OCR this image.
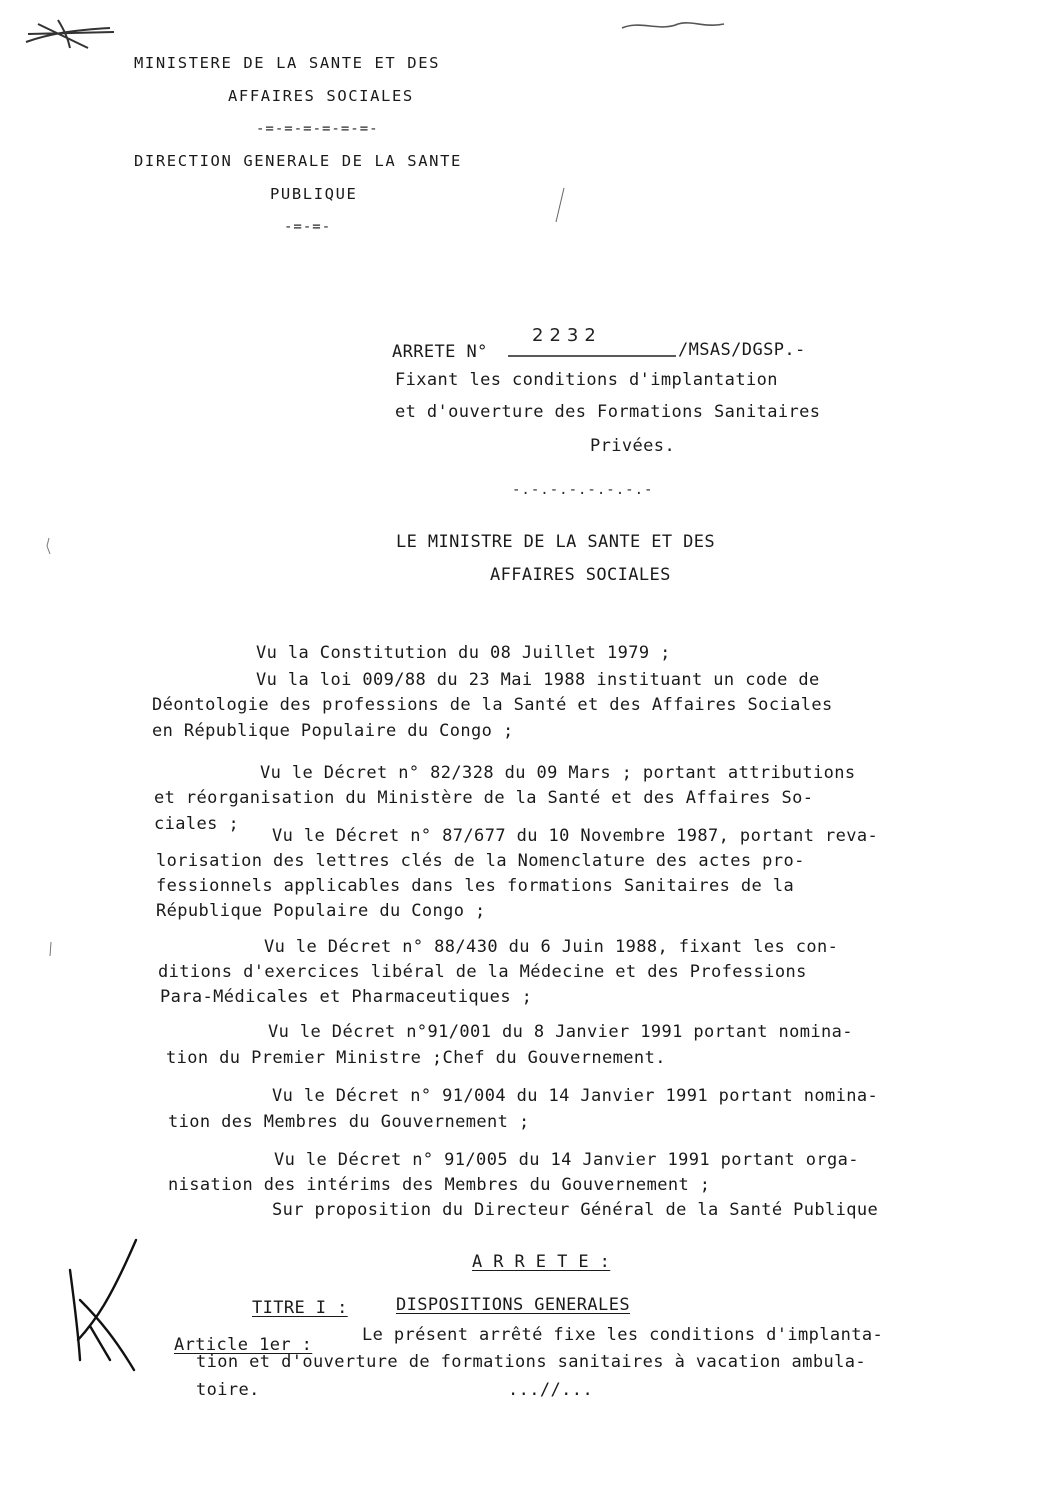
MINISTERE DE LA SANTE ET DES
AFFAIRES SOCIALES
-=-=-=-=-=-=-
DIRECTION GENERALE DE LA SANTE
PUBLIQUE
-=-=-
ARRETE N°
2232
/MSAS/DGSP.-
Fixant les conditions d'implantation
et d'ouverture des Formations Sanitaires
Privées.
-.-.-.-.-.-.-.-
LE MINISTRE DE LA SANTE ET DES
AFFAIRES SOCIALES
Vu la Constitution du 08 Juillet 1979 ;
Vu la loi 009/88 du 23 Mai 1988 instituant un code de
Déontologie des professions de la Santé et des Affaires Sociales
en République Populaire du Congo ;
Vu le Décret n° 82/328 du 09 Mars ; portant attributions
et réorganisation du Ministère de la Santé et des Affaires So-
ciales ;
Vu le Décret n° 87/677 du 10 Novembre 1987, portant reva-
lorisation des lettres clés de la Nomenclature des actes pro-
fessionnels applicables dans les formations Sanitaires de la
République Populaire du Congo ;
Vu le Décret n° 88/430 du 6 Juin 1988, fixant les con-
ditions d'exercices libéral de la Médecine et des Professions
Para-Médicales et Pharmaceutiques ;
Vu le Décret n°91/001 du 8 Janvier 1991 portant nomina-
tion du Premier Ministre ;Chef du Gouvernement.
Vu le Décret n° 91/004 du 14 Janvier 1991 portant nomina-
tion des Membres du Gouvernement ;
Vu le Décret n° 91/005 du 14 Janvier 1991 portant orga-
nisation des intérims des Membres du Gouvernement ;
Sur proposition du Directeur Général de la Santé Publique
A R R E T E :
TITRE I :	DISPOSITIONS GENERALES
Article 1er :	Le présent arrêté fixe les conditions d'implanta-
tion et d'ouverture de formations sanitaires à vacation ambula-
toire.	...//...
